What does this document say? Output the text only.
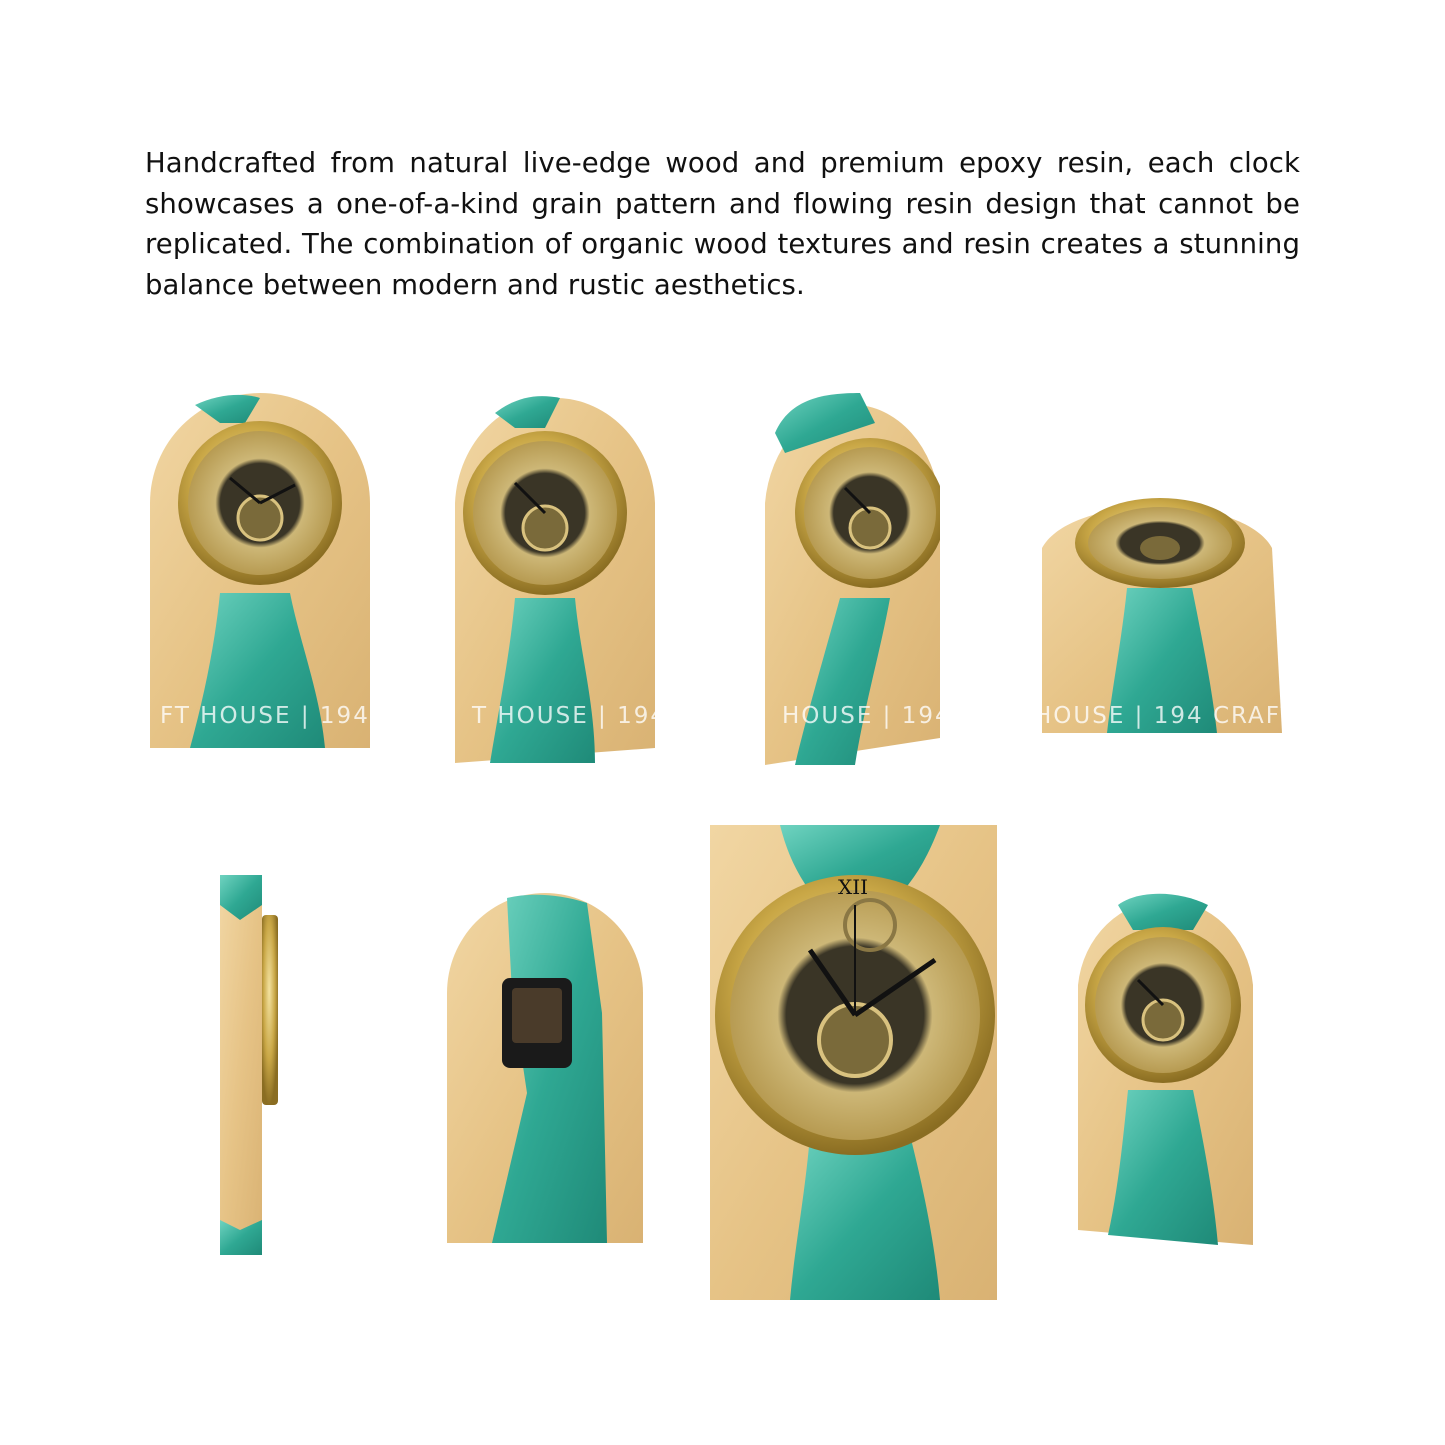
Handcrafted from natural live-edge wood and premium epoxy resin, each clock showcases a one-of-a-kind grain pattern and flowing resin design that cannot be replicated. The combination of organic wood textures and resin creates a stunning balance between modern and rustic aesthetics.

XII
FT HOUSE | 194	T HOUSE | 194	HOUSE | 194 C HOUSE | 194 CRAFT
